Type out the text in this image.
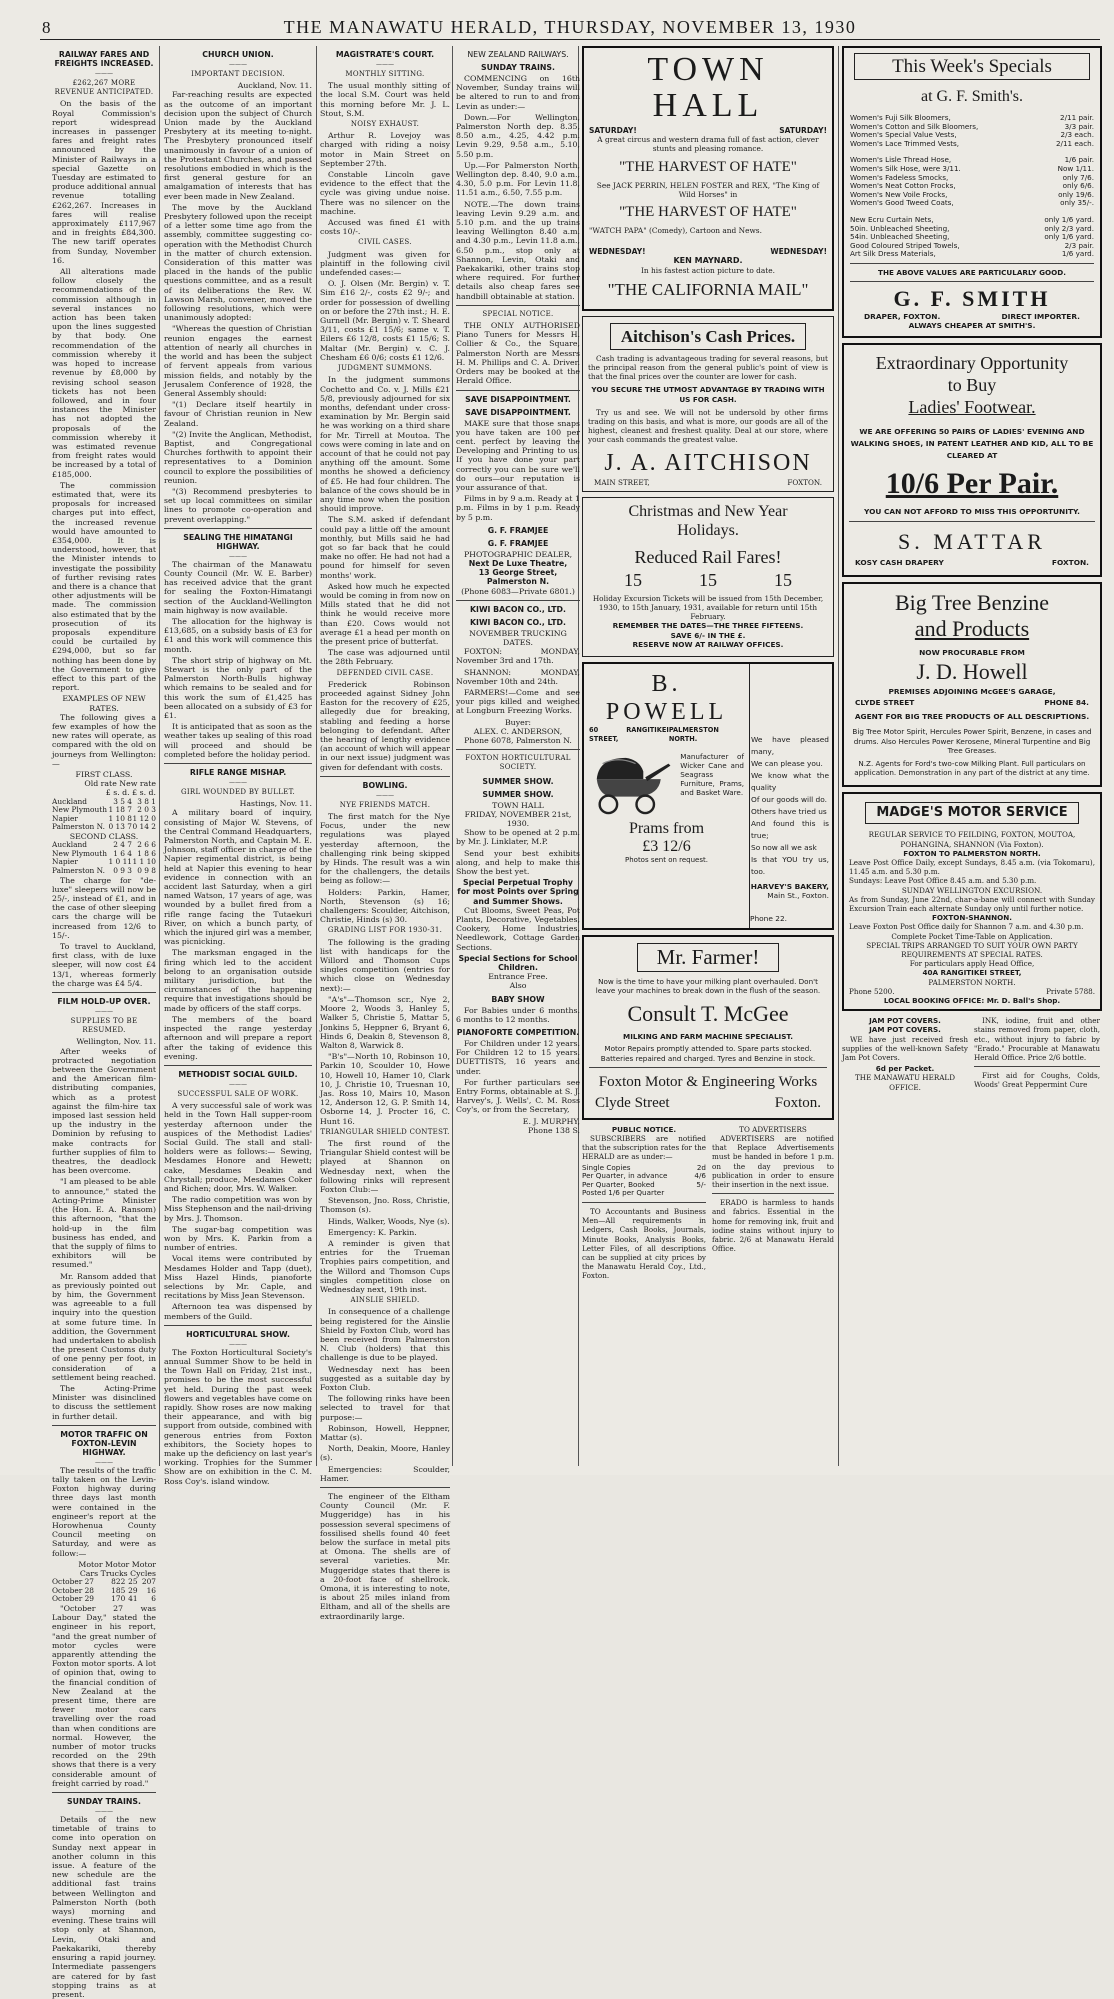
8	THE MANAWATU HERALD, THURSDAY, NOVEMBER 13, 1930
RAILWAY FARES AND FREIGHTS INCREASED.
———
£262,267 MORE REVENUE ANTICIPATED.
On the basis of the Royal Commission's report widespread increases in passenger fares and freight rates announced by the Minister of Railways in a special Gazette on Tuesday are estimated to produce additional annual revenue totalling £262,267. Increases in fares will realise approximately £117,967 and in freights £84,300. The new tariff operates from Sunday, November 16.
All alterations made follow closely the recommendations of the commission although in several instances no action has been taken upon the lines suggested by that body. One recommendation of the commission whereby it was hoped to increase revenue by £8,000 by revising school season tickets has not been followed, and in four instances the Minister has not adopted the proposals of the commission whereby it was estimated revenue from freight rates would be increased by a total of £185,000.
The commission estimated that, were its proposals for increased charges put into effect, the increased revenue would have amounted to £354,000. It is understood, however, that the Minister intends to investigate the possibility of further revising rates and there is a chance that other adjustments will be made. The commission also estimated that by the prosecution of its proposals expenditure could be curtailed by £294,000, but so far nothing has been done by the Government to give effect to this part of the report.
EXAMPLES OF NEW RATES.
The following gives a few examples of how the new rates will operate, as compared with the old on journeys from Wellington:—
FIRST CLASS.
Old rate New rate
£ s. d. £ s. d.
Auckland	3 5 4	3 8 1
New Plymouth	1 18 7	2 0 3
Napier	1 10 8	1 12 0
Palmerston N.	0 13 7	0 14 2
SECOND CLASS.
Auckland	2 4 7	2 6 6
New Plymouth	1 6 4	1 8 6
Napier	1 0 11	1 1 10
Palmerston N.	0 9 3	0 9 8
The charge for "de-luxe" sleepers will now be 25/-, instead of £1, and in the case of other sleeping cars the charge will be increased from 12/6 to 15/-.
To travel to Auckland, first class, with de luxe sleeper, will now cost £4 13/1, whereas formerly the charge was £4 5/4.
FILM HOLD-UP OVER.
———
SUPPLIES TO BE RESUMED.
Wellington, Nov. 11.
After weeks of protracted negotiation between the Government and the American film-distributing companies, which as a protest against the film-hire tax imposed last session held up the industry in the Dominion by refusing to make contracts for further supplies of film to theatres, the deadlock has been overcome.
"I am pleased to be able to announce," stated the Acting-Prime Minister (the Hon. E. A. Ransom) this afternoon, "that the hold-up in the film business has ended, and that the supply of films to exhibitors will be resumed."
Mr. Ransom added that as previously pointed out by him, the Government was agreeable to a full inquiry into the question at some future time. In addition, the Government had undertaken to abolish the present Customs duty of one penny per foot, in consideration of a settlement being reached.
The Acting-Prime Minister was disinclined to discuss the settlement in further detail.
MOTOR TRAFFIC ON FOXTON-LEVIN HIGHWAY.
———
The results of the traffic tally taken on the Levin-Foxton highway during three days last month were contained in the engineer's report at the Horowhenua County Council meeting on Saturday, and were as follow:—
Motor Motor Motor
Cars Trucks Cycles
October 27	822	25	207
October 28	185	29	16
October 29	170	41	6
"October 27 was Labour Day," stated the engineer in his report, "and the great number of motor cycles were apparently attending the Foxton motor sports. A lot of opinion that, owing to the financial condition of New Zealand at the present time, there are fewer motor cars travelling over the road than when conditions are normal. However, the number of motor trucks recorded on the 29th shows that there is a very considerable amount of freight carried by road."
SUNDAY TRAINS.
———
Details of the new timetable of trains to come into operation on Sunday next appear in another column in this issue. A feature of the new schedule are the additional fast trains between Wellington and Palmerston North (both ways) morning and evening. These trains will stop only at Shannon, Levin, Otaki and Paekakariki, thereby ensuring a rapid journey. Intermediate passengers are catered for by fast stopping trains as at present.
CHURCH UNION.
———
IMPORTANT DECISION.
Auckland, Nov. 11.
Far-reaching results are expected as the outcome of an important decision upon the subject of Church Union made by the Auckland Presbytery at its meeting to-night. The Presbytery pronounced itself unanimously in favour of a union of the Protestant Churches, and passed resolutions embodied in which is the first general gesture for an amalgamation of interests that has ever been made in New Zealand.
The move by the Auckland Presbytery followed upon the receipt of a letter some time ago from the assembly, committee suggesting co-operation with the Methodist Church in the matter of church extension. Consideration of this matter was placed in the hands of the public questions committee, and as a result of its deliberations the Rev. W. Lawson Marsh, convener, moved the following resolutions, which were unanimously adopted:
"Whereas the question of Christian reunion engages the earnest attention of nearly all churches in the world and has been the subject of fervent appeals from various mission fields, and notably by the Jerusalem Conference of 1928, the General Assembly should:
"(1) Declare itself heartily in favour of Christian reunion in New Zealand.
"(2) Invite the Anglican, Methodist, Baptist, and Congregational Churches forthwith to appoint their representatives to a Dominion council to explore the possibilities of reunion.
"(3) Recommend presbyteries to set up local committees on similar lines to promote co-operation and prevent overlapping."
SEALING THE HIMATANGI HIGHWAY.
———
The chairman of the Manawatu County Council (Mr. W. E. Barber) has received advice that the grant for sealing the Foxton-Himatangi section of the Auckland-Wellington main highway is now available.
The allocation for the highway is £13,685, on a subsidy basis of £3 for £1 and this work will commence this month.
The short strip of highway on Mt. Stewart is the only part of the Palmerston North-Bulls highway which remains to be sealed and for this work the sum of £1,425 has been allocated on a subsidy of £3 for £1.
It is anticipated that as soon as the weather takes up sealing of this road will proceed and should be completed before the holiday period.
RIFLE RANGE MISHAP.
———
GIRL WOUNDED BY BULLET.
Hastings, Nov. 11.
A military board of inquiry, consisting of Major W. Stevens, of the Central Command Headquarters, Palmerston North, and Captain M. E. Johnson, staff officer in charge of the Napier regimental district, is being held at Napier this evening to hear evidence in connection with an accident last Saturday, when a girl named Watson, 17 years of age, was wounded by a bullet fired from a rifle range facing the Tutaekuri River, on which a bunch party, of which the injured girl was a member, was picnicking.
The marksman engaged in the firing which led to the accident belong to an organisation outside military jurisdiction, but the circumstances of the happening require that investigations should be made by officers of the staff corps.
The members of the board inspected the range yesterday afternoon and will prepare a report after the taking of evidence this evening.
METHODIST SOCIAL GUILD.
———
SUCCESSFUL SALE OF WORK.
A very successful sale of work was held in the Town Hall supper-room yesterday afternoon under the auspices of the Methodist Ladies' Social Guild. The stall and stall-holders were as follows:— Sewing, Mesdames Honore and Hewett; cake, Mesdames Deakin and Chrystall; produce, Mesdames Coker and Richen; door, Mrs. W. Walker.
The radio competition was won by Miss Stephenson and the nail-driving by Mrs. J. Thomson.
The sugar-bag competition was won by Mrs. K. Parkin from a number of entries.
Vocal items were contributed by Mesdames Holder and Tapp (duet), Miss Hazel Hinds, pianoforte selections by Mr. Caple, and recitations by Miss Jean Stevenson.
Afternoon tea was dispensed by members of the Guild.
HORTICULTURAL SHOW.
———
The Foxton Horticultural Society's annual Summer Show to be held in the Town Hall on Friday, 21st inst., promises to be the most successful yet held. During the past week flowers and vegetables have come on rapidly. Show roses are now making their appearance, and with big support from outside, combined with generous entries from Foxton exhibitors, the Society hopes to make up the deficiency on last year's working. Trophies for the Summer Show are on exhibition in the C. M. Ross Coy's. island window.
MAGISTRATE'S COURT.
———
MONTHLY SITTING.
The usual monthly sitting of the local S.M. Court was held this morning before Mr. J. L. Stout, S.M.
NOISY EXHAUST.
Arthur R. Lovejoy was charged with riding a noisy motor in Main Street on September 27th.
Constable Lincoln gave evidence to the effect that the cycle was giving undue noise. There was no silencer on the machine.
Accused was fined £1 with costs 10/-.
CIVIL CASES.
Judgment was given for plaintiff in the following civil undefended cases:—
O. J. Olsen (Mr. Bergin) v. T. Sim £16 2/-, costs £2 9/-; and order for possession of dwelling on or before the 27th inst.; H. E. Gurnell (Mr. Bergin) v. T. Sheard 3/11, costs £1 15/6; same v. T. Eilers £6 12/8, costs £1 15/6; S. Maltar (Mr. Bergin) v. C. J. Chesham £6 0/6; costs £1 12/6.
JUDGMENT SUMMONS.
In the judgment summons Cochetto and Co. v. J. Mills £21 5/8, previously adjourned for six months, defendant under cross-examination by Mr. Bergin said he was working on a third share for Mr. Tirrell at Moutoa. The cows were coming in late and on account of that he could not pay anything off the amount. Some months he showed a deficiency of £5. He had four children. The balance of the cows should be in any time now when the position should improve.
The S.M. asked if defendant could pay a little off the amount monthly, but Mills said he had got so far back that he could make no offer. He had not had a pound for himself for seven months' work.
Asked how much he expected would be coming in from now on Mills stated that he did not think he would receive more than £20. Cows would not average £1 a head per month on the present price of butterfat.
The case was adjourned until the 28th February.
DEFENDED CIVIL CASE.
Frederick Robinson proceeded against Sidney John Easton for the recovery of £25, allegedly due for breaking, stabling and feeding a horse belonging to defendant. After the hearing of lengthy evidence (an account of which will appear in our next issue) judgment was given for defendant with costs.
BOWLING.
———
NYE FRIENDS MATCH.
The first match for the Nye Focus, under the new regulations was played yesterday afternoon, the challenging rink being skipped by Hinds. The result was a win for the challengers, the details being as follow:—
Holders: Parkin, Hamer, North, Stevenson (s) 16; challengers: Scoulder, Aitchison, Christie, Hinds (s) 30.
GRADING LIST FOR 1930-31.
The following is the grading list with handicaps for the Willord and Thomson Cups singles competition (entries for which close on Wednesday next):—
"A's"—Thomson scr., Nye 2, Moore 2, Woods 3, Hanley 5, Walker 5, Christie 5, Mattar 5, Jonkins 5, Heppner 6, Bryant 6, Hinds 6, Deakin 8, Stevenson 8, Walton 8, Warwick 8.
"B's"—North 10, Robinson 10, Parkin 10, Scoulder 10, Howe 10, Howell 10, Hamer 10, Clark 10, J. Christie 10, Truesnan 10, Jas. Ross 10, Mairs 10, Mason 12, Anderson 12, G. P. Smith 14, Osborne 14, J. Procter 16, C. Hunt 16.
TRIANGULAR SHIELD CONTEST.
The first round of the Triangular Shield contest will be played at Shannon on Wednesday next, when the following rinks will represent Foxton Club:—
Stevenson, Jno. Ross, Christie, Thomson (s).
Hinds, Walker, Woods, Nye (s).
Emergency: K. Parkin.
A reminder is given that entries for the Trueman Trophies pairs competition, and the Willord and Thomson Cups singles competition close on Wednesday next, 19th inst.
AINSLIE SHIELD.
In consequence of a challenge being registered for the Ainslie Shield by Foxton Club, word has been received from Palmerston N. Club (holders) that this challenge is due to be played.
Wednesday next has been suggested as a suitable day by Foxton Club.
The following rinks have been selected to travel for that purpose:—
Robinson, Howell, Heppner, Mattar (s).
North, Deakin, Moore, Hanley (s).
Emergencies: Scoulder, Hamer.
The engineer of the Eltham County Council (Mr. F. Muggeridge) has in his possession several specimens of fossilised shells found 40 feet below the surface in metal pits at Omona. The shells are of several varieties. Mr. Muggeridge states that there is a 20-foot face of shellrock. Omona, it is interesting to note, is about 25 miles inland from Eltham, and all of the shells are extraordinarily large.
NEW ZEALAND RAILWAYS.
SUNDAY TRAINS.
COMMENCING on 16th November, Sunday trains will be altered to run to and from Levin as under:—
Down.—For Wellington, Palmerston North dep. 8.35, 8.50 a.m., 4.25, 4.42 p.m. Levin 9.29, 9.58 a.m., 5.10, 5.50 p.m.
Up.—For Palmerston North, Wellington dep. 8.40, 9.0 a.m., 4.30, 5.0 p.m. For Levin 11.8, 11.51 a.m., 6.50, 7.55 p.m.
NOTE.—The down trains leaving Levin 9.29 a.m. and 5.10 p.m. and the up trains leaving Wellington 8.40 a.m. and 4.30 p.m., Levin 11.8 a.m., 6.50 p.m., stop only at Shannon, Levin, Otaki and Paekakariki, other trains stop where required. For further details also cheap fares see handbill obtainable at station.
SPECIAL NOTICE.
THE ONLY AUTHORISED Piano Tuners for Messrs H. Collier & Co., the Square, Palmerston North are Messrs H. M. Phillips and C. A. Driver. Orders may be booked at the Herald Office.
SAVE DISAPPOINTMENT.
SAVE DISAPPOINTMENT.
MAKE sure that those snaps you have taken are 100 per cent. perfect by leaving the Developing and Printing to us. If you have done your part correctly you can be sure we'll do ours—our reputation is your assurance of that.
Films in by 9 a.m. Ready at 1 p.m. Films in by 1 p.m. Ready by 5 p.m.
G. F. FRAMJEE
G. F. FRAMJEE
PHOTOGRAPHIC DEALER,
Next De Luxe Theatre,
13 George Street, Palmerston N.
(Phone 6083—Private 6801.)
KIWI BACON CO., LTD.
KIWI BACON CO., LTD.
NOVEMBER TRUCKING DATES.
FOXTON: MONDAY, November 3rd and 17th.
SHANNON: MONDAY, November 10th and 24th.
FARMERS!—Come and see your pigs killed and weighed at Longburn Freezing Works.
Buyer:
ALEX. C. ANDERSON,
Phone 6078, Palmerston N.
FOXTON HORTICULTURAL SOCIETY.
SUMMER SHOW.
SUMMER SHOW.
TOWN HALL
FRIDAY, NOVEMBER 21st, 1930.
Show to be opened at 2 p.m. by Mr. J. Linklater, M.P.
Send your best exhibits along, and help to make this Show the best yet.
Special Perpetual Trophy for most Points over Spring and Summer Shows.
Cut Blooms, Sweet Peas, Pot Plants, Decorative, Vegetables, Cookery, Home Industries, Needlework, Cottage Garden Sections.
Special Sections for School Children.
Entrance Free.
Also
BABY SHOW
For Babies under 6 months. 6 months to 12 months.
PIANOFORTE COMPETITION.
For Children under 12 years. For Children 12 to 15 years. DUETTISTS, 16 years and under.
For further particulars see Entry Forms, obtainable at S. J. Harvey's, J. Wells', C. M. Ross Coy's, or from the Secretary,
E. J. MURPHY,
Phone 138 S.
TOWN HALL
SATURDAY!	SATURDAY!
A great circus and western drama full of fast action, clever stunts and pleasing romance.
"THE HARVEST OF HATE"
See JACK PERRIN, HELEN FOSTER and REX, "The King of Wild Horses" in
"THE HARVEST OF HATE"
"WATCH PAPA" (Comedy), Cartoon and News.
WEDNESDAY!	WEDNESDAY!
KEN MAYNARD.
In his fastest action picture to date.
"THE CALIFORNIA MAIL"
Aitchison's Cash Prices.
Cash trading is advantageous trading for several reasons, but the principal reason from the general public's point of view is that the final prices over the counter are lower for cash.
YOU SECURE THE UTMOST ADVANTAGE BY TRADING WITH US FOR CASH.
Try us and see. We will not be undersold by other firms trading on this basis, and what is more, our goods are all of the highest, cleanest and freshest quality. Deal at our store, where your cash commands the greatest value.
J. A. AITCHISON
MAIN STREET,	FOXTON.
Christmas and New Year
Holidays.
Reduced Rail Fares!
15	15	15
Holiday Excursion Tickets will be issued from 15th December, 1930, to 15th January, 1931, available for return until 15th February.
REMEMBER THE DATES—THE THREE FIFTEENS.
SAVE 6/- IN THE £.
RESERVE NOW AT RAILWAY OFFICES.
B. POWELL
60 RANGITIKEI STREET,
PALMERSTON NORTH.
Manufacturer of Wicker Cane and Seagrass Furniture, Prams, and Basket Ware.
Prams from
£3 12/6
Photos sent on request.
We have pleased many,
We can please you.
We know what the quality
Of our goods will do.
Others have tried us
And found this is true;
So now all we ask
Is that YOU try us, too.
HARVEY'S BAKERY,
Main St., Foxton.
Phone 22.
Mr. Farmer!
Now is the time to have your milking plant overhauled. Don't leave your machines to break down in the flush of the season.
Consult T. McGee
MILKING AND FARM MACHINE SPECIALIST.
Motor Repairs promptly attended to. Spare parts stocked. Batteries repaired and charged. Tyres and Benzine in stock.
Foxton Motor & Engineering Works
Clyde Street	Foxton.
PUBLIC NOTICE.
SUBSCRIBERS are notified that the subscription rates for the HERALD are as under:—
Single Copies	2d
Per Quarter, in advance	4/6
Per Quarter, Booked	5/-
Posted 1/6 per Quarter
TO Accountants and Business Men—All requirements in Ledgers, Cash Books, Journals, Minute Books, Analysis Books, Letter Files, of all descriptions can be supplied at city prices by the Manawatu Herald Coy., Ltd., Foxton.
TO ADVERTISERS
ADVERTISERS are notified that Replace Advertisements must be handed in before 1 p.m. on the day previous to publication in order to ensure their insertion in the next issue.
ERADO is harmless to hands and fabrics. Essential in the home for removing ink, fruit and iodine stains without injury to fabric. 2/6 at Manawatu Herald Office.
This Week's Specials
at G. F. Smith's.
Women's Fuji Silk Bloomers,	2/11 pair.
Women's Cotton and Silk Bloomers,	3/3 pair.
Women's Special Value Vests,	2/3 each.
Women's Lace Trimmed Vests,	2/11 each.
Women's Lisle Thread Hose,	1/6 pair.
Women's Silk Hose, were 3/11.	Now 1/11.
Women's Fadeless Smocks,	only 7/6.
Women's Neat Cotton Frocks,	only 6/6.
Women's New Voile Frocks,	only 19/6.
Women's Good Tweed Coats,	only 35/-.
New Ecru Curtain Nets,	only 1/6 yard.
50in. Unbleached Sheeting,	only 2/3 yard.
54in. Unbleached Sheeting,	only 1/6 yard.
Good Coloured Striped Towels,	2/3 pair.
Art Silk Dress Materials,	1/6 yard.
THE ABOVE VALUES ARE PARTICULARLY GOOD.
G. F. SMITH
DRAPER, FOXTON.	DIRECT IMPORTER.
ALWAYS CHEAPER AT SMITH'S.
Extraordinary Opportunity
to Buy
Ladies' Footwear.
WE ARE OFFERING 50 PAIRS OF LADIES' EVENING AND WALKING SHOES, IN PATENT LEATHER AND KID, ALL TO BE CLEARED AT
10/6 Per Pair.
YOU CAN NOT AFFORD TO MISS THIS OPPORTUNITY.
S. MATTAR
KOSY CASH DRAPERY	FOXTON.
Big Tree Benzine
and Products
NOW PROCURABLE FROM
J. D. Howell
PREMISES ADJOINING McGEE'S GARAGE,
CLYDE STREET	PHONE 84.
AGENT FOR BIG TREE PRODUCTS OF ALL DESCRIPTIONS.
Big Tree Motor Spirit, Hercules Power Spirit, Benzene, in cases and drums. Also Hercules Power Kerosene, Mineral Turpentine and Big Tree Greases.
N.Z. Agents for Ford's two-cow Milking Plant. Full particulars on application. Demonstration in any part of the district at any time.
MADGE'S MOTOR SERVICE
REGULAR SERVICE TO FEILDING, FOXTON, MOUTOA, POHANGINA, SHANNON (Via Foxton).
FOXTON TO PALMERSTON NORTH.
Leave Post Office Daily, except Sundays, 8.45 a.m. (via Tokomaru), 11.45 a.m. and 5.30 p.m.
Sundays: Leave Post Office 8.45 a.m. and 5.30 p.m.
SUNDAY WELLINGTON EXCURSION.
As from Sunday, June 22nd, char-a-bane will connect with Sunday Excursion Train each alternate Sunday only until further notice.
FOXTON-SHANNON.
Leave Foxton Post Office daily for Shannon 7 a.m. and 4.30 p.m.
Complete Pocket Time-Table on Application.
SPECIAL TRIPS ARRANGED TO SUIT YOUR OWN PARTY REQUIREMENTS AT SPECIAL RATES.
For particulars apply Head Office,
40A RANGITIKEI STREET,
PALMERSTON NORTH.
Phone 5200.	Private 5788.
LOCAL BOOKING OFFICE: Mr. D. Ball's Shop.
JAM POT COVERS.
JAM POT COVERS.
WE have just received fresh supplies of the well-known Safety Jam Pot Covers.
6d per Packet.
THE MANAWATU HERALD OFFICE.
INK, iodine, fruit and other stains removed from paper, cloth, etc., without injury to fabric by "Erado." Procurable at Manawatu Herald Office. Price 2/6 bottle.
First aid for Coughs, Colds, Woods' Great Peppermint Cure
